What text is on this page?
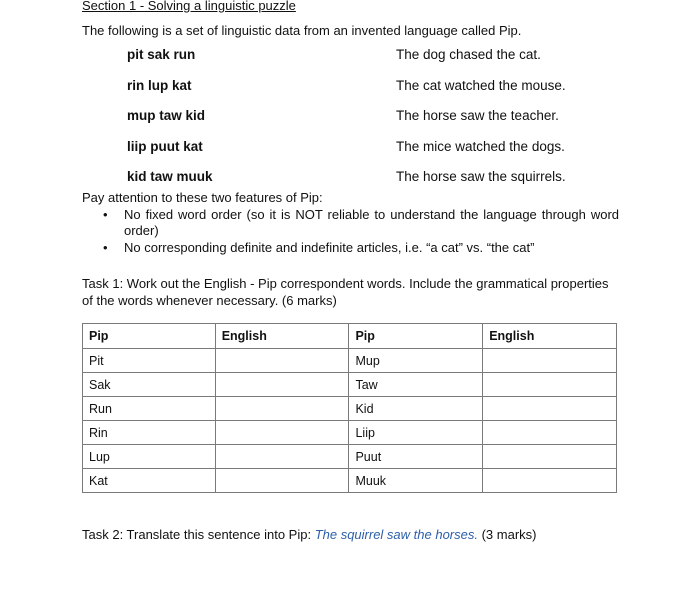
Section 1 - Solving a linguistic puzzle
The following is a set of linguistic data from an invented language called Pip.
pit sak run	The dog chased the cat.
rin lup kat	The cat watched the mouse.
mup taw kid	The horse saw the teacher.
liip puut kat	The mice watched the dogs.
kid taw muuk	The horse saw the squirrels.
Pay attention to these two features of Pip:
• No fixed word order (so it is NOT reliable to understand the language through word order)
• No corresponding definite and indefinite articles, i.e. “a cat” vs. “the cat”
Task 1: Work out the English - Pip correspondent words. Include the grammatical properties of the words whenever necessary. (6 marks)
Pip	English	Pip	English
Pit		Mup	
Sak		Taw	
Run		Kid	
Rin		Liip	
Lup		Puut	
Kat		Muuk	
Task 2: Translate this sentence into Pip: The squirrel saw the horses. (3 marks)
